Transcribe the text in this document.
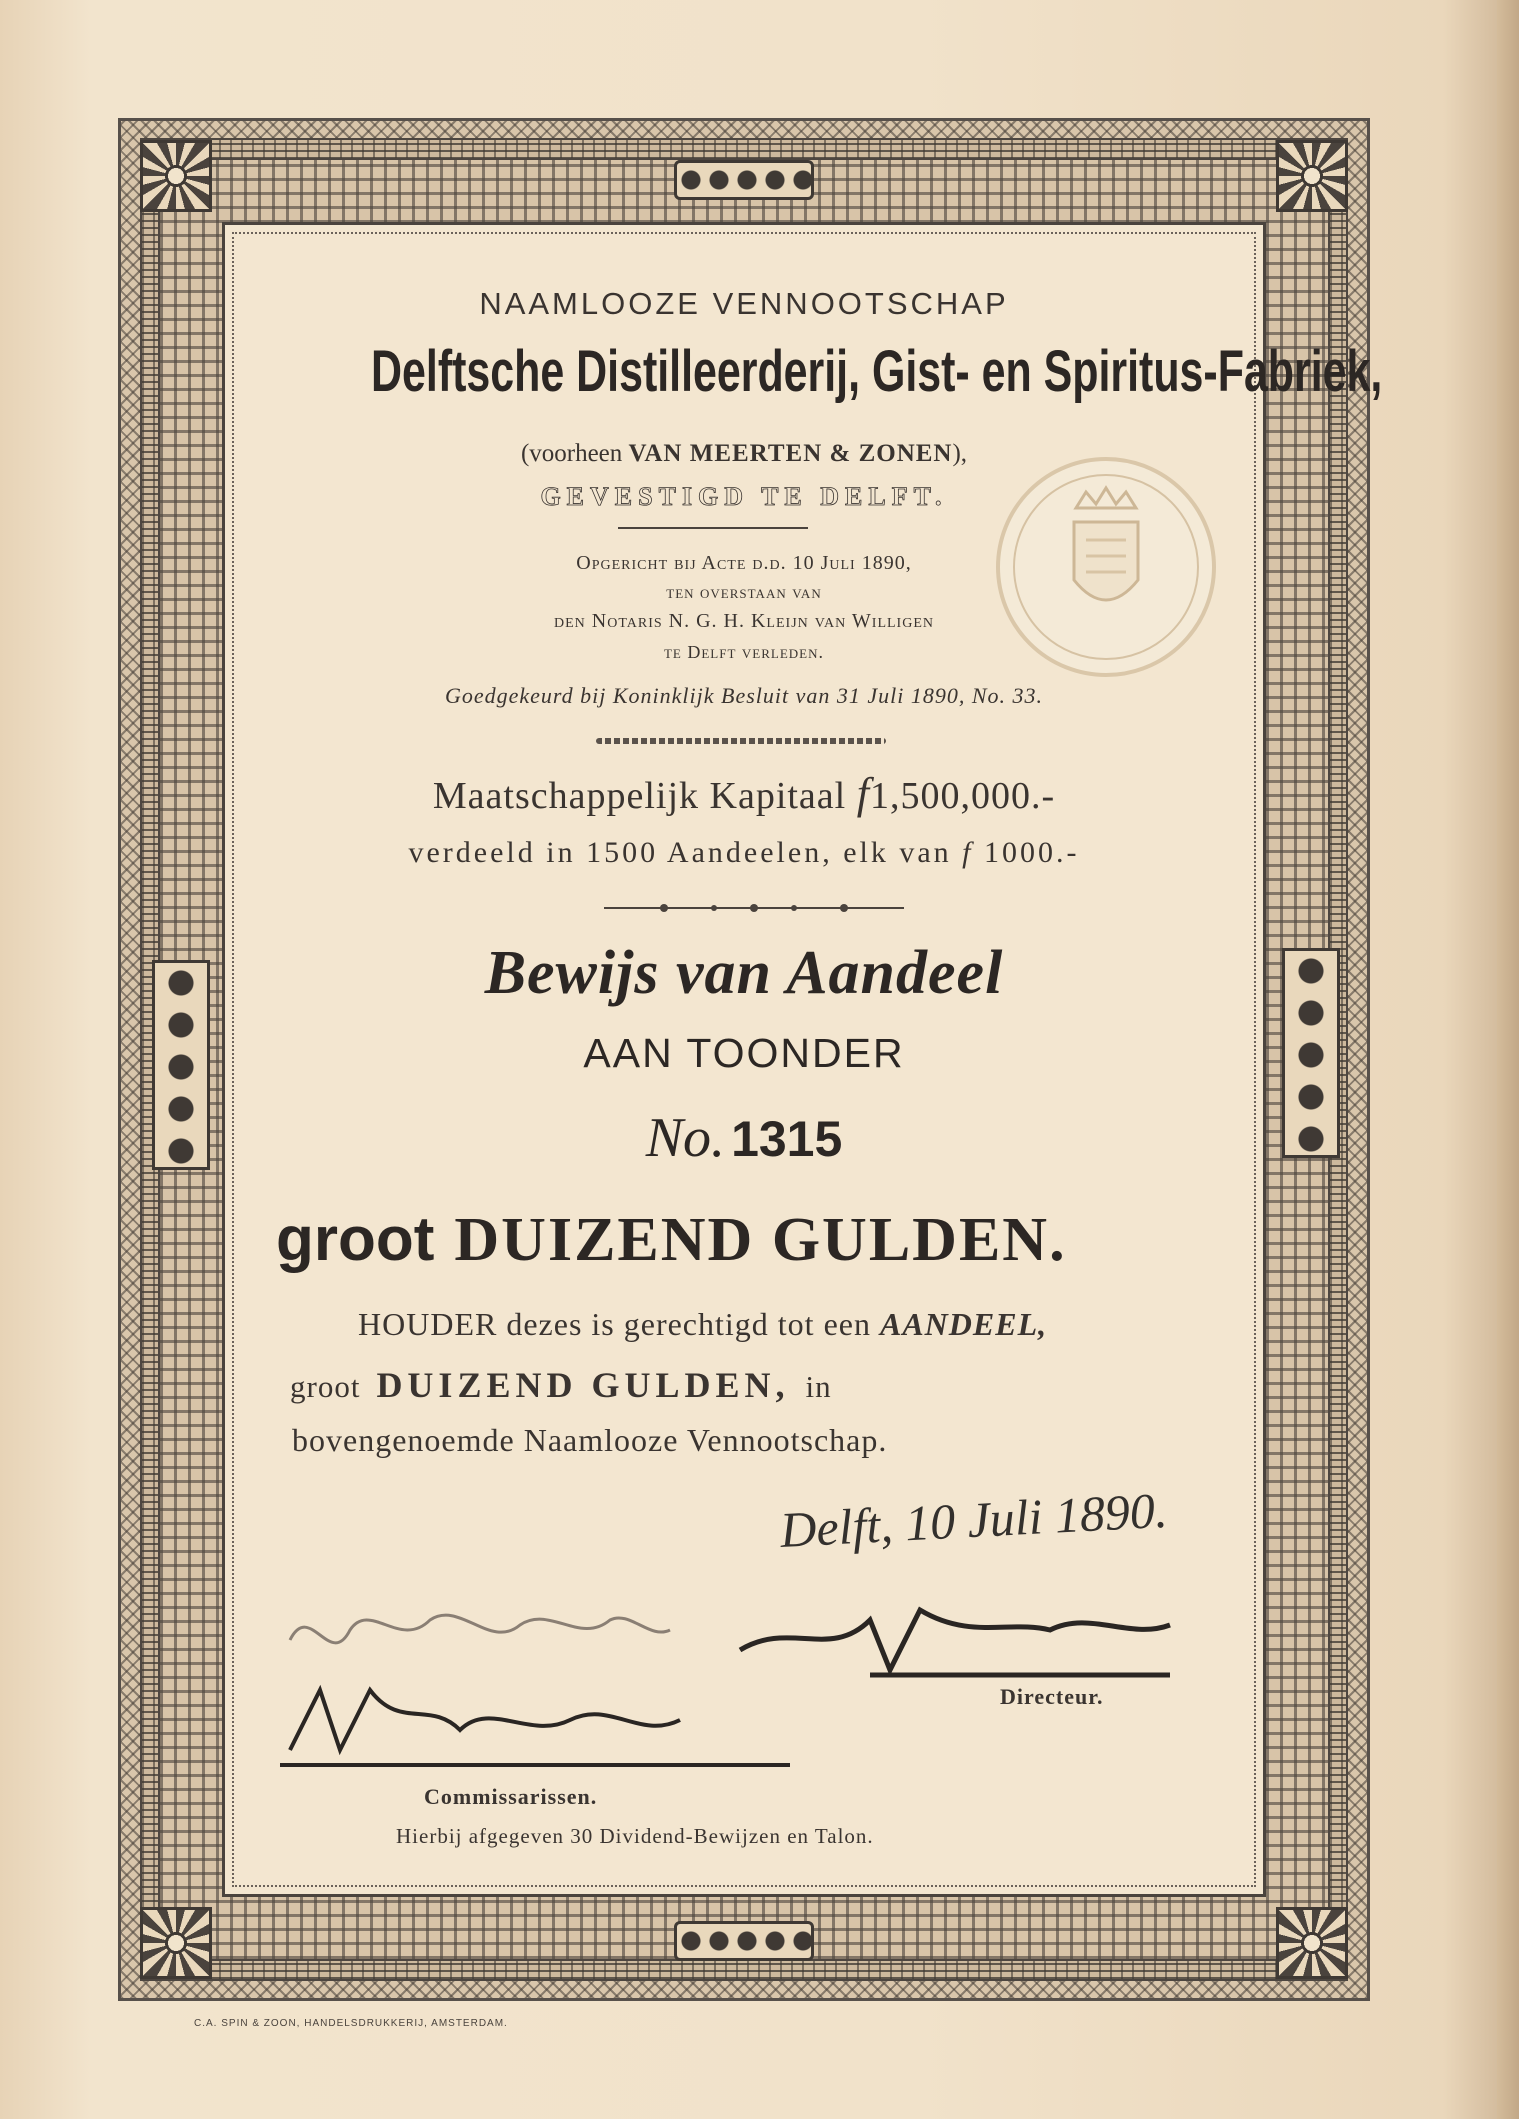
NAAMLOOZE VENNOOTSCHAP
Delftsche Distilleerderij, Gist- en Spiritus-Fabriek,
(voorheen VAN MEERTEN & ZONEN),
GEVESTIGD TE DELFT.
Opgericht bij Acte d.d. 10 Juli 1890,
ten overstaan van
den Notaris N. G. H. Kleijn van Willigen
te Delft verleden.
Goedgekeurd bij Koninklijk Besluit van 31 Juli 1890, No. 33.
Maatschappelijk Kapitaal f1,500,000.-
verdeeld in 1500 Aandeelen, elk van f 1000.-
Bewijs van Aandeel
AAN TOONDER
No. 1315
groot DUIZEND GULDEN.
HOUDER dezes is gerechtigd tot een AANDEEL,
groot DUIZEND GULDEN, in
bovengenoemde Naamlooze Vennootschap.
Delft, 10 Juli 1890.
Directeur.
Commissarissen.
Hierbij afgegeven 30 Dividend-Bewijzen en Talon.
C.A. SPIN & ZOON, HANDELSDRUKKERIJ, AMSTERDAM.
